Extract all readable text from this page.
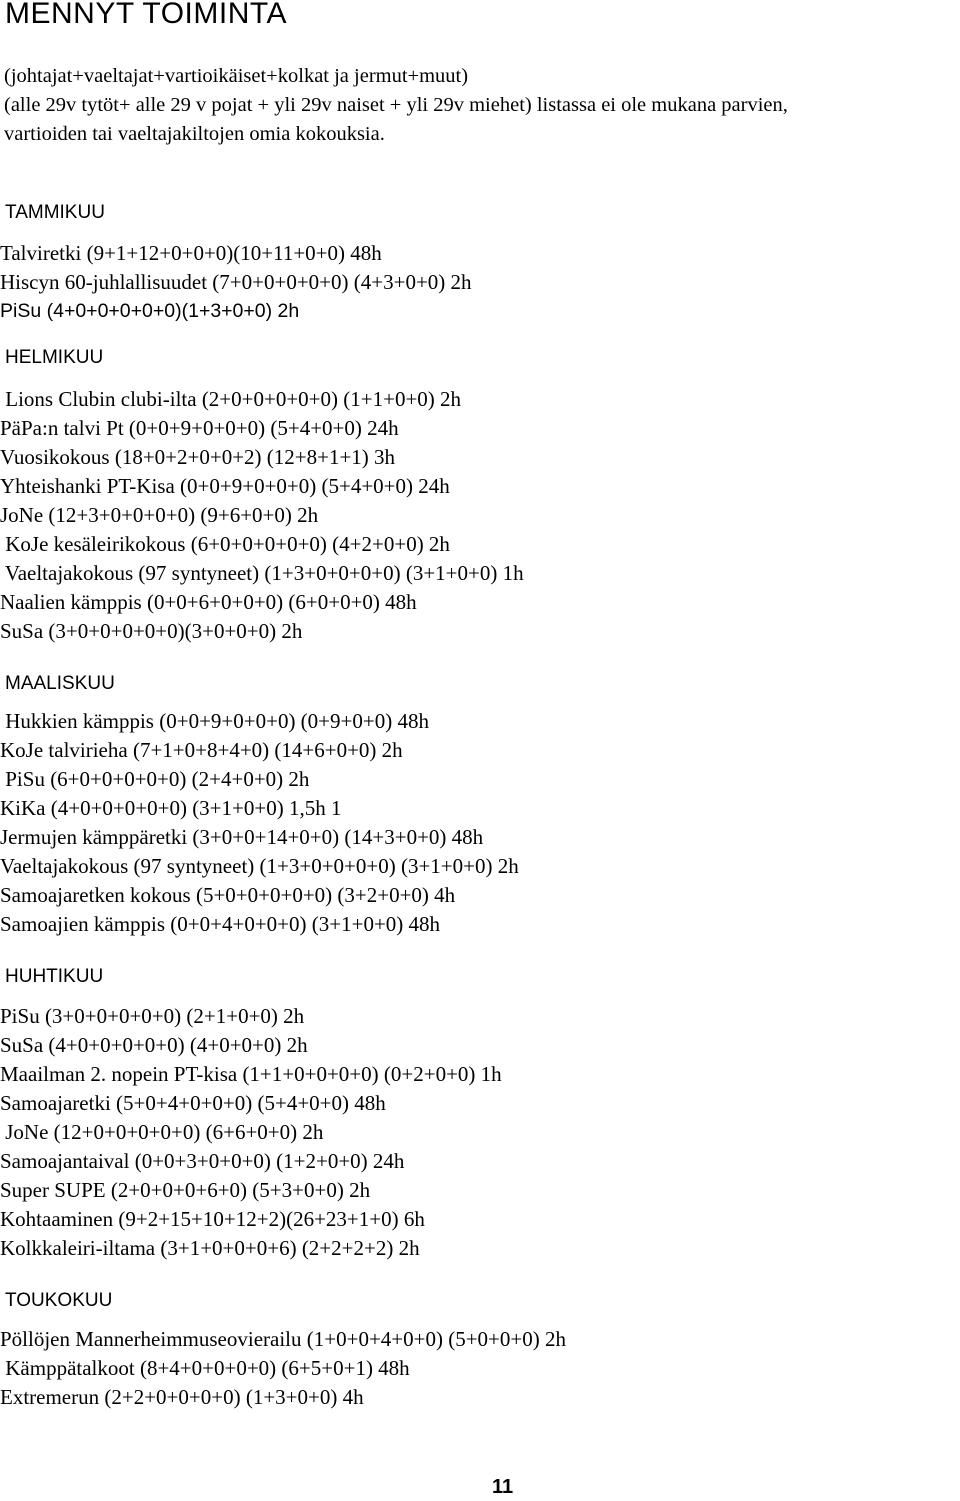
MENNYT TOIMINTA
(johtajat+vaeltajat+vartioikäiset+kolkat ja jermut+muut)
(alle 29v tytöt+ alle 29 v pojat + yli 29v naiset + yli 29v miehet) listassa ei ole mukana parvien,
vartioiden tai vaeltajakiltojen omia kokouksia.
TAMMIKUU
Talviretki (9+1+12+0+0+0)(10+11+0+0) 48h
Hiscyn 60-juhlallisuudet (7+0+0+0+0+0) (4+3+0+0) 2h
PiSu (4+0+0+0+0+0)(1+3+0+0) 2h
HELMIKUU
Lions Clubin clubi-ilta (2+0+0+0+0+0) (1+1+0+0) 2h
PäPa:n talvi Pt (0+0+9+0+0+0) (5+4+0+0) 24h
Vuosikokous (18+0+2+0+0+2) (12+8+1+1) 3h
Yhteishanki PT-Kisa (0+0+9+0+0+0) (5+4+0+0) 24h
JoNe (12+3+0+0+0+0) (9+6+0+0) 2h
KoJe kesäleirikokous (6+0+0+0+0+0) (4+2+0+0) 2h
Vaeltajakokous (97 syntyneet) (1+3+0+0+0+0) (3+1+0+0) 1h
Naalien kämppis (0+0+6+0+0+0) (6+0+0+0) 48h
SuSa (3+0+0+0+0+0)(3+0+0+0) 2h
MAALISKUU
Hukkien kämppis (0+0+9+0+0+0) (0+9+0+0) 48h
KoJe talvirieha (7+1+0+8+4+0) (14+6+0+0) 2h
PiSu (6+0+0+0+0+0) (2+4+0+0) 2h
KiKa (4+0+0+0+0+0) (3+1+0+0) 1,5h 1
Jermujen kämppäretki (3+0+0+14+0+0) (14+3+0+0) 48h
Vaeltajakokous (97 syntyneet) (1+3+0+0+0+0) (3+1+0+0) 2h
Samoajaretken kokous (5+0+0+0+0+0) (3+2+0+0) 4h
Samoajien kämppis (0+0+4+0+0+0) (3+1+0+0) 48h
HUHTIKUU
PiSu (3+0+0+0+0+0) (2+1+0+0) 2h
SuSa (4+0+0+0+0+0) (4+0+0+0) 2h
Maailman 2. nopein PT-kisa (1+1+0+0+0+0) (0+2+0+0) 1h
Samoajaretki (5+0+4+0+0+0) (5+4+0+0) 48h
JoNe (12+0+0+0+0+0) (6+6+0+0) 2h
Samoajantaival (0+0+3+0+0+0) (1+2+0+0) 24h
Super SUPE (2+0+0+0+6+0) (5+3+0+0) 2h
Kohtaaminen (9+2+15+10+12+2)(26+23+1+0) 6h
Kolkkaleiri-iltama (3+1+0+0+0+6) (2+2+2+2) 2h
TOUKOKUU
Pöllöjen Mannerheimmuseovierailu (1+0+0+4+0+0) (5+0+0+0) 2h
Kämppätalkoot (8+4+0+0+0+0) (6+5+0+1) 48h
Extremerun (2+2+0+0+0+0) (1+3+0+0) 4h
11
